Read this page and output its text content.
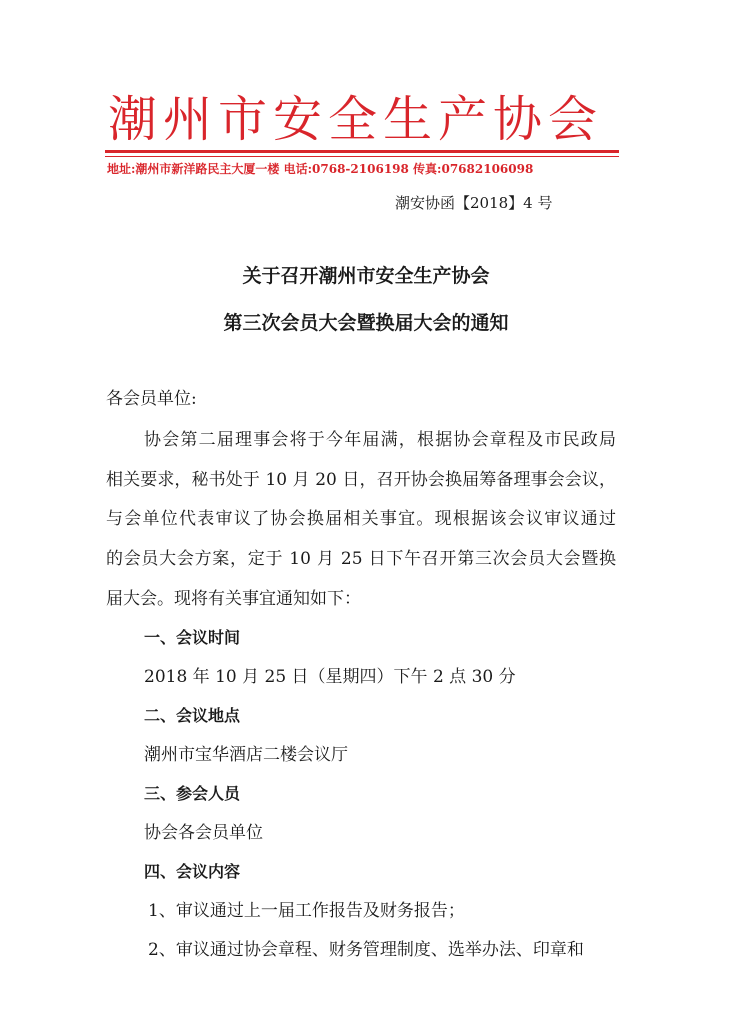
潮州市安全生产协会
地址:潮州市新洋路民主大厦一楼 电话:0768-2106198 传真:07682106098
潮安协函【2018】4 号
关于召开潮州市安全生产协会
第三次会员大会暨换届大会的通知
各会员单位:
协会第二届理事会将于今年届满，根据协会章程及市民政局
相关要求，秘书处于 10 月 20 日，召开协会换届筹备理事会会议，
与会单位代表审议了协会换届相关事宜。现根据该会议审议通过
的会员大会方案，定于 10 月 25 日下午召开第三次会员大会暨换
届大会。现将有关事宜通知如下：
一、会议时间
2018 年 10 月 25 日（星期四）下午 2 点 30 分
二、会议地点
潮州市宝华酒店二楼会议厅
三、参会人员
协会各会员单位
四、会议内容
1、审议通过上一届工作报告及财务报告；
2、审议通过协会章程、财务管理制度、选举办法、印章和
